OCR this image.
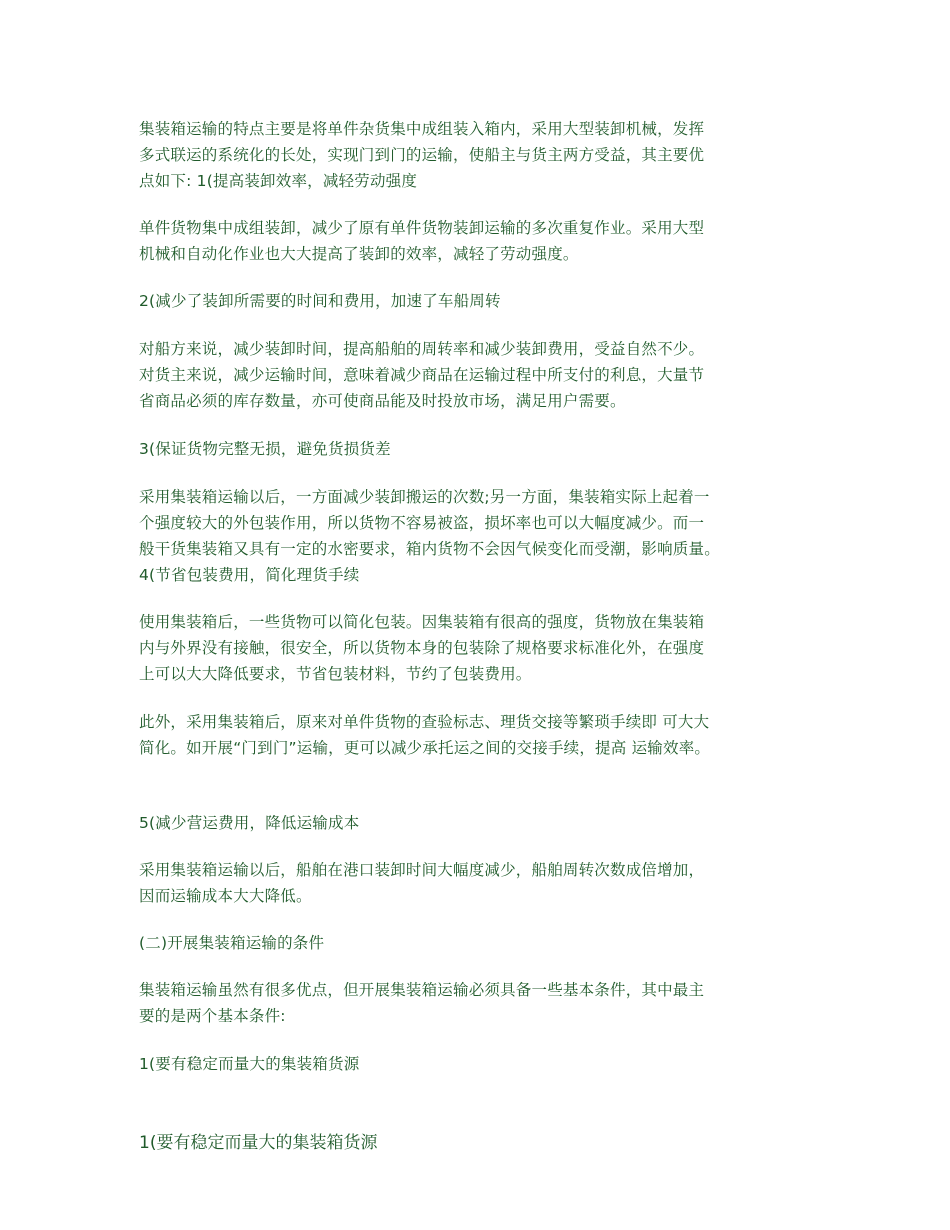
集装箱运输的特点主要是将单件杂货集中成组装入箱内，采用大型装卸机械，发挥
多式联运的系统化的长处，实现门到门的运输，使船主与货主两方受益，其主要优
点如下: 1(提高装卸效率，减轻劳动强度
单件货物集中成组装卸，减少了原有单件货物装卸运输的多次重复作业。采用大型
机械和自动化作业也大大提高了装卸的效率，减轻了劳动强度。
2(减少了装卸所需要的时间和费用，加速了车船周转
对船方来说，减少装卸时间，提高船舶的周转率和减少装卸费用，受益自然不少。
对货主来说，减少运输时间，意味着减少商品在运输过程中所支付的利息，大量节
省商品必须的库存数量，亦可使商品能及时投放市场，满足用户需要。
3(保证货物完整无损，避免货损货差
采用集装箱运输以后，一方面减少装卸搬运的次数;另一方面，集装箱实际上起着一
个强度较大的外包装作用，所以货物不容易被盗，损坏率也可以大幅度减少。而一
般干货集装箱又具有一定的水密要求，箱内货物不会因气候变化而受潮，影响质量。
4(节省包装费用，简化理货手续
使用集装箱后，一些货物可以简化包装。因集装箱有很高的强度，货物放在集装箱
内与外界没有接触，很安全，所以货物本身的包装除了规格要求标准化外，在强度
上可以大大降低要求，节省包装材料，节约了包装费用。
此外，采用集装箱后，原来对单件货物的查验标志、理货交接等繁琐手续即 可大大
简化。如开展“门到门”运输，更可以减少承托运之间的交接手续，提高 运输效率。
5(减少营运费用，降低运输成本
采用集装箱运输以后，船舶在港口装卸时间大幅度减少，船舶周转次数成倍增加，
因而运输成本大大降低。
(二)开展集装箱运输的条件
集装箱运输虽然有很多优点，但开展集装箱运输必须具备一些基本条件，其中最主
要的是两个基本条件:
1(要有稳定而量大的集装箱货源
1(要有稳定而量大的集装箱货源
